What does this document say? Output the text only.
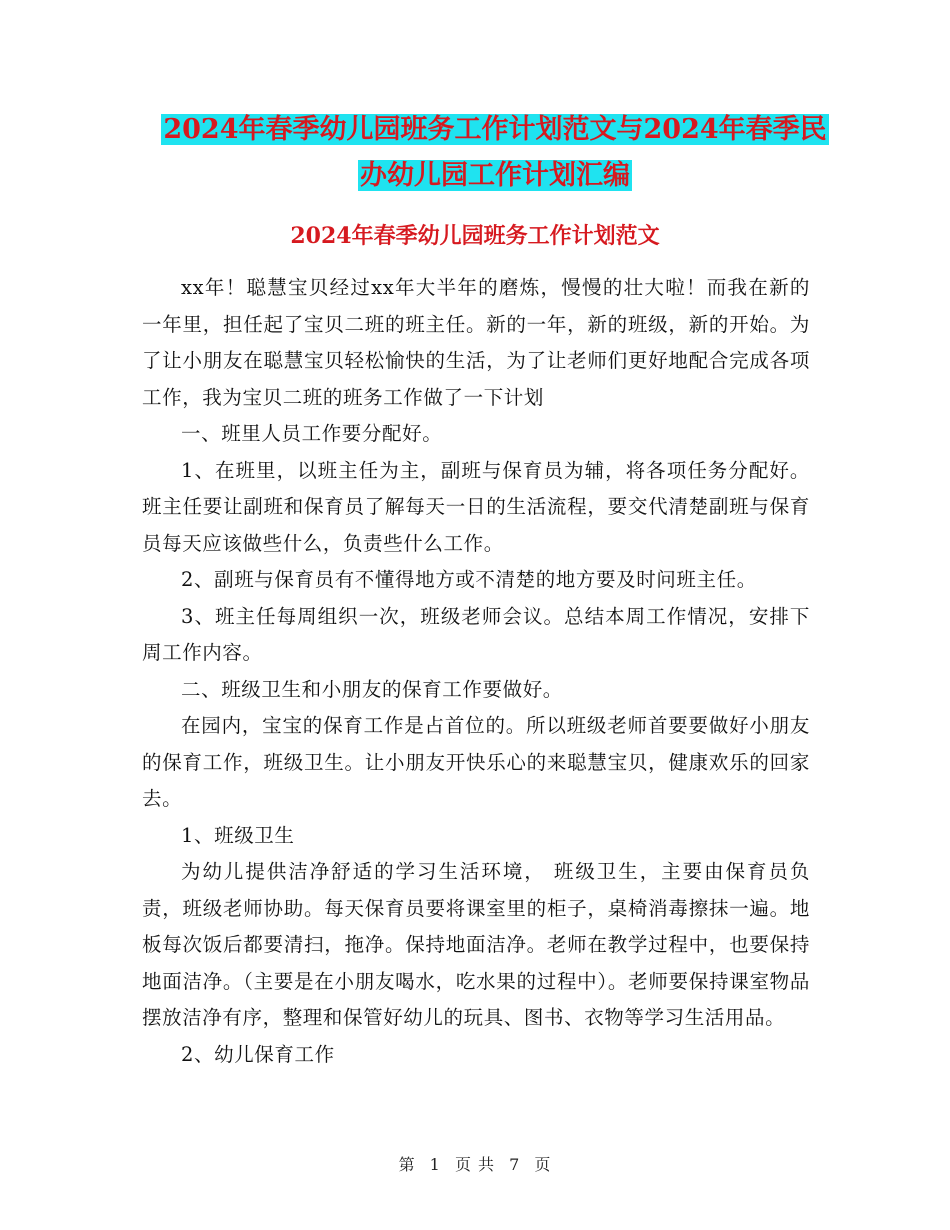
2024年春季幼儿园班务工作计划范文与2024年春季民
办幼儿园工作计划汇编
2024年春季幼儿园班务工作计划范文

xx年！聪慧宝贝经过xx年大半年的磨炼，慢慢的壮大啦！而我在新的一年里，担任起了宝贝二班的班主任。新的一年，新的班级，新的开始。为了让小朋友在聪慧宝贝轻松愉快的生活，为了让老师们更好地配合完成各项工作，我为宝贝二班的班务工作做了一下计划

一、班里人员工作要分配好。

1、在班里，以班主任为主，副班与保育员为辅，将各项任务分配好。班主任要让副班和保育员了解每天一日的生活流程，要交代清楚副班与保育员每天应该做些什么，负责些什么工作。

2、副班与保育员有不懂得地方或不清楚的地方要及时问班主任。

3、班主任每周组织一次，班级老师会议。总结本周工作情况，安排下周工作内容。

二、班级卫生和小朋友的保育工作要做好。

在园内，宝宝的保育工作是占首位的。所以班级老师首要要做好小朋友的保育工作，班级卫生。让小朋友开快乐心的来聪慧宝贝，健康欢乐的回家去。

1、班级卫生

为幼儿提供洁净舒适的学习生活环境， 班级卫生，主要由保育员负责，班级老师协助。每天保育员要将课室里的柜子，桌椅消毒擦抹一遍。地板每次饭后都要清扫，拖净。保持地面洁净。老师在教学过程中，也要保持地面洁净。（主要是在小朋友喝水，吃水果的过程中）。老师要保持课室物品摆放洁净有序，整理和保管好幼儿的玩具、图书、衣物等学习生活用品。

2、幼儿保育工作

第 1 页 共 7 页
